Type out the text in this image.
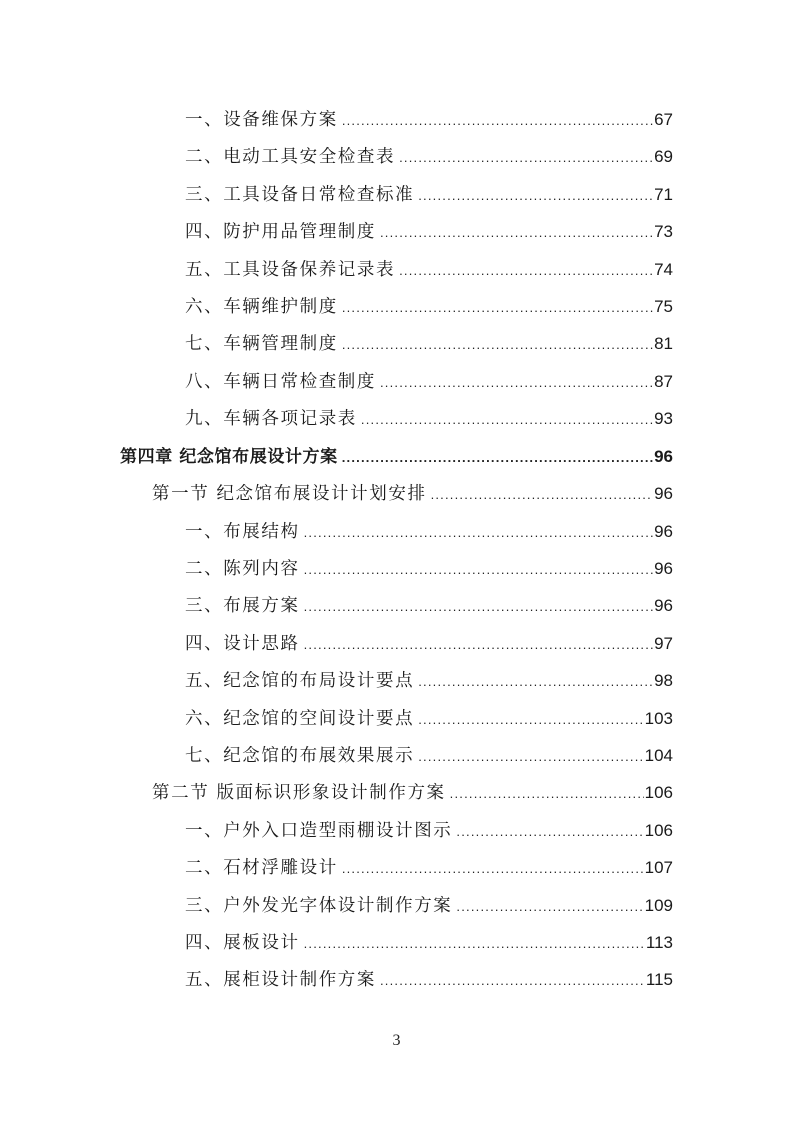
一、设备维保方案 .....	67
二、电动工具安全检查表 .....	69
三、工具设备日常检查标准 .....	71
四、防护用品管理制度 .....	73
五、工具设备保养记录表 .....	74
六、车辆维护制度 .....	75
七、车辆管理制度 .....	81
八、车辆日常检查制度 .....	87
九、车辆各项记录表 .....	93
第四章 纪念馆布展设计方案 .....	96
第一节 纪念馆布展设计计划安排 .....	96
一、布展结构 .....	96
二、陈列内容 .....	96
三、布展方案 .....	96
四、设计思路 .....	97
五、纪念馆的布局设计要点 .....	98
六、纪念馆的空间设计要点 .....	103
七、纪念馆的布展效果展示 .....	104
第二节 版面标识形象设计制作方案 .....	106
一、户外入口造型雨棚设计图示 .....	106
二、石材浮雕设计 .....	107
三、户外发光字体设计制作方案 .....	109
四、展板设计 .....	113
五、展柜设计制作方案 .....	115
3
